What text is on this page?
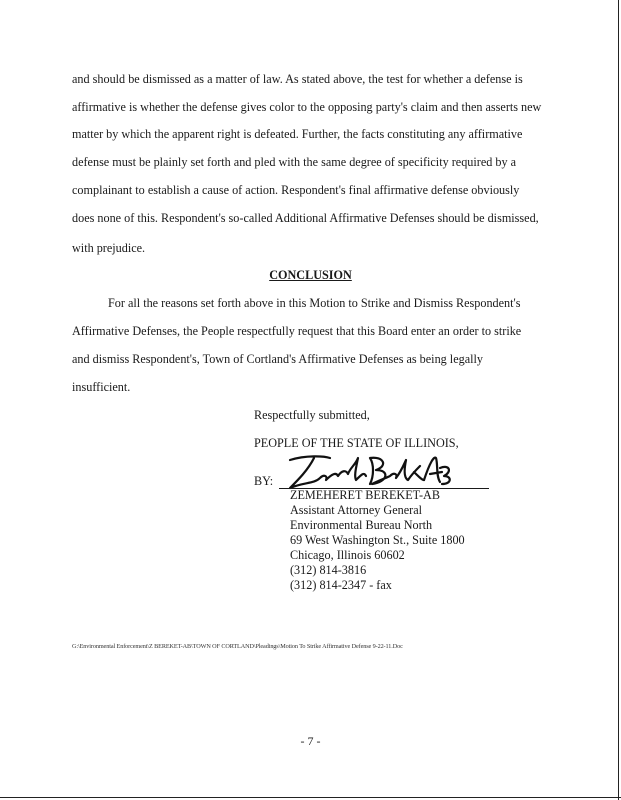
and should be dismissed as a matter of law. As stated above, the test for whether a defense is
affirmative is whether the defense gives color to the opposing party's claim and then asserts new
matter by which the apparent right is defeated. Further, the facts constituting any affirmative
defense must be plainly set forth and pled with the same degree of specificity required by a
complainant to establish a cause of action. Respondent's final affirmative defense obviously
does none of this. Respondent's so-called Additional Affirmative Defenses should be dismissed,
with prejudice.
CONCLUSION
For all the reasons set forth above in this Motion to Strike and Dismiss Respondent's
Affirmative Defenses, the People respectfully request that this Board enter an order to strike
and dismiss Respondent's, Town of Cortland's Affirmative Defenses as being legally
insufficient.
Respectfully submitted,
PEOPLE OF THE STATE OF ILLINOIS,
BY:
ZEMEHERET BEREKET-AB
Assistant Attorney General
Environmental Bureau North
69 West Washington St., Suite 1800
Chicago, Illinois 60602
(312) 814-3816
(312) 814-2347 - fax
G:\Environmental Enforcement\Z BEREKET-AB\TOWN OF CORTLAND\Pleadings\Motion To Strike Affirmative Defense 9-22-11.Doc
- 7 -
